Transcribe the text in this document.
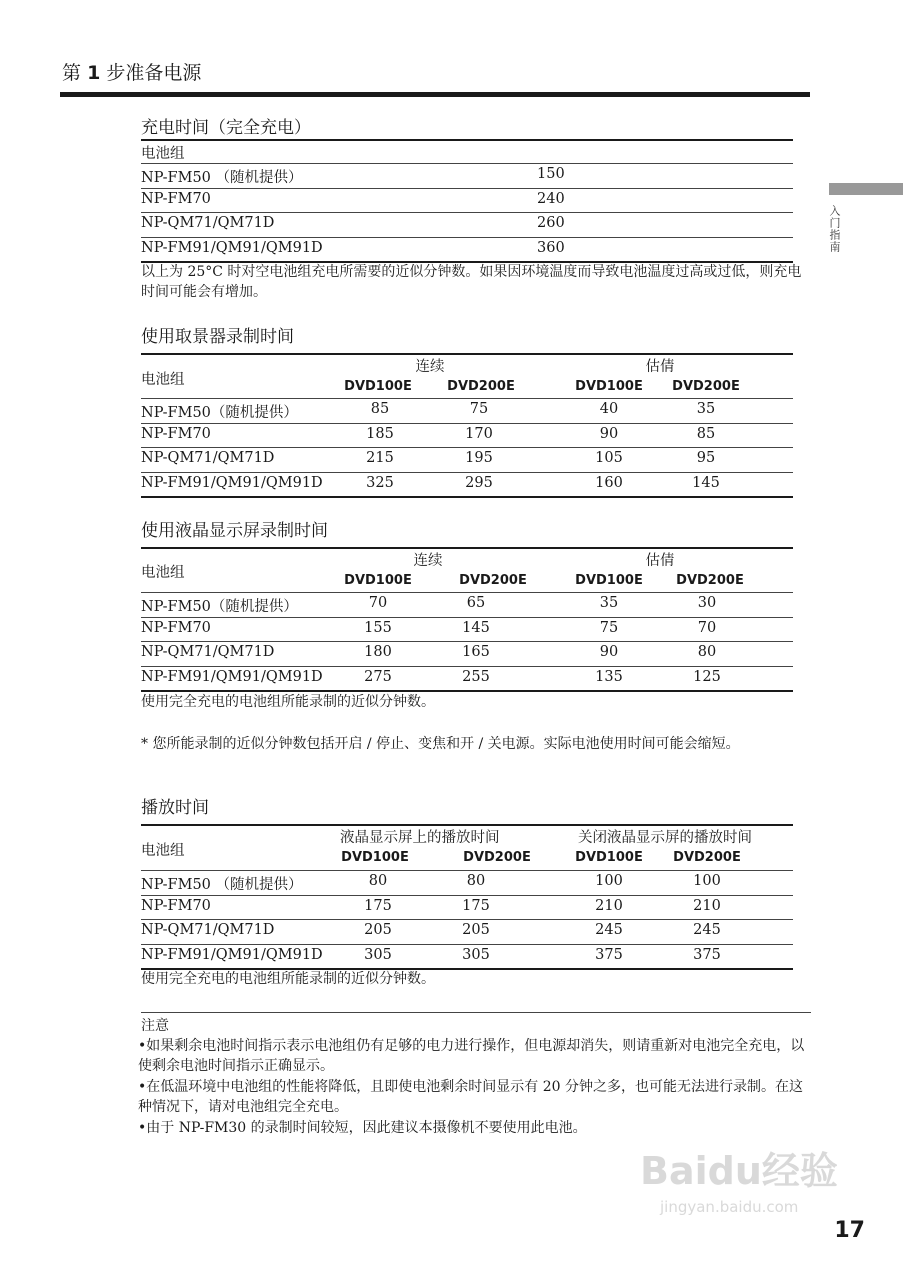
第 1 步准备电源
入门指南
充电时间（完全充电）
电池组
NP-FM50 （随机提供）	150
NP-FM70	240
NP-QM71/QM71D	260
NP-FM91/QM91/QM91D	360
以上为 25°C 时对空电池组充电所需要的近似分钟数。如果因环境温度而导致电池温度过高或过低，则充电时间可能会有增加。
使用取景器录制时间
电池组
连续	估倩
DVD100E	DVD200E	DVD100E DVD200E
NP-FM50（随机提供）	85	75	40	35
NP-FM70	185	170	90	85
NP-QM71/QM71D	215	195	105	95
NP-FM91/QM91/QM91D	325	295	160	145
使用液晶显示屏录制时间
电池组
连续	估倩
DVD100E	DVD200E	DVD100E	DVD200E
NP-FM50（随机提供）	70	65	35	30
NP-FM70	155	145	75	70
NP-QM71/QM71D	180	165	90	80
NP-FM91/QM91/QM91D	275	255	135	125
使用完全充电的电池组所能录制的近似分钟数。
* 您所能录制的近似分钟数包括开启 / 停止、变焦和开 / 关电源。实际电池使用时间可能会缩短。
播放时间
电池组
液晶显示屏上的播放时间	关闭液晶显示屏的播放时间
DVD100E	DVD200E	DVD100E DVD200E
NP-FM50 （随机提供）	80	80	100	100
NP-FM70	175	175	210	210
NP-QM71/QM71D	205	205	245	245
NP-FM91/QM91/QM91D	305	305	375	375
使用完全充电的电池组所能录制的近似分钟数。
注意
•如果剩余电池时间指示表示电池组仍有足够的电力进行操作，但电源却消失，则请重新对电池完全充电，以使剩余电池时间指示正确显示。
•在低温环境中电池组的性能将降低，且即使电池剩余时间显示有 20 分钟之多，也可能无法进行录制。在这种情况下，请对电池组完全充电。
•由于 NP-FM30 的录制时间较短，因此建议本摄像机不要使用此电池。
Baidu经验
jingyan.baidu.com
17
